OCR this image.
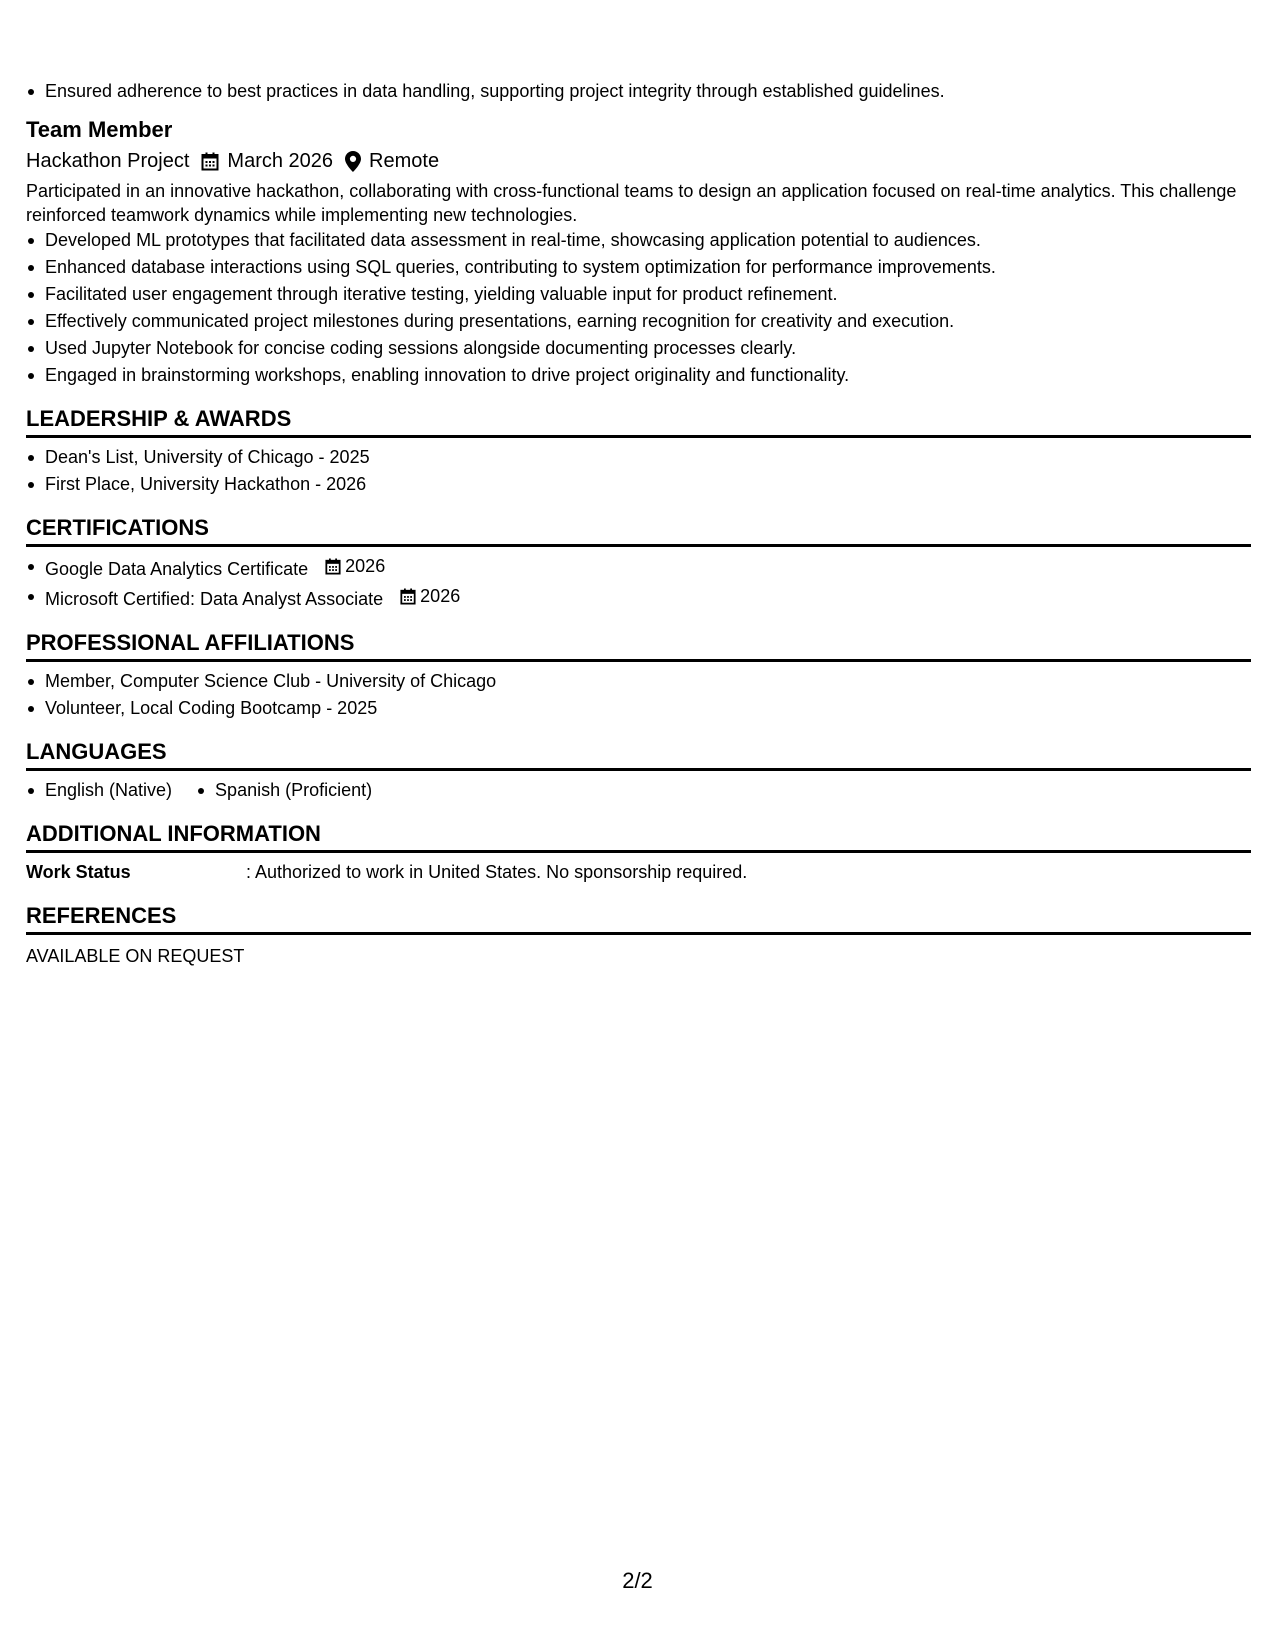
Ensured adherence to best practices in data handling, supporting project integrity through established guidelines.
Team Member
Hackathon Project March 2026 Remote
Participated in an innovative hackathon, collaborating with cross-functional teams to design an application focused on real-time analytics. This challenge reinforced teamwork dynamics while implementing new technologies.
Developed ML prototypes that facilitated data assessment in real-time, showcasing application potential to audiences.
Enhanced database interactions using SQL queries, contributing to system optimization for performance improvements.
Facilitated user engagement through iterative testing, yielding valuable input for product refinement.
Effectively communicated project milestones during presentations, earning recognition for creativity and execution.
Used Jupyter Notebook for concise coding sessions alongside documenting processes clearly.
Engaged in brainstorming workshops, enabling innovation to drive project originality and functionality.
LEADERSHIP & AWARDS
Dean's List, University of Chicago - 2025
First Place, University Hackathon - 2026
CERTIFICATIONS
Google Data Analytics Certificate 2026
Microsoft Certified: Data Analyst Associate 2026
PROFESSIONAL AFFILIATIONS
Member, Computer Science Club - University of Chicago
Volunteer, Local Coding Bootcamp - 2025
LANGUAGES
English (Native)	Spanish (Proficient)
ADDITIONAL INFORMATION
Work Status	: Authorized to work in United States. No sponsorship required.
REFERENCES
AVAILABLE ON REQUEST
2/2
